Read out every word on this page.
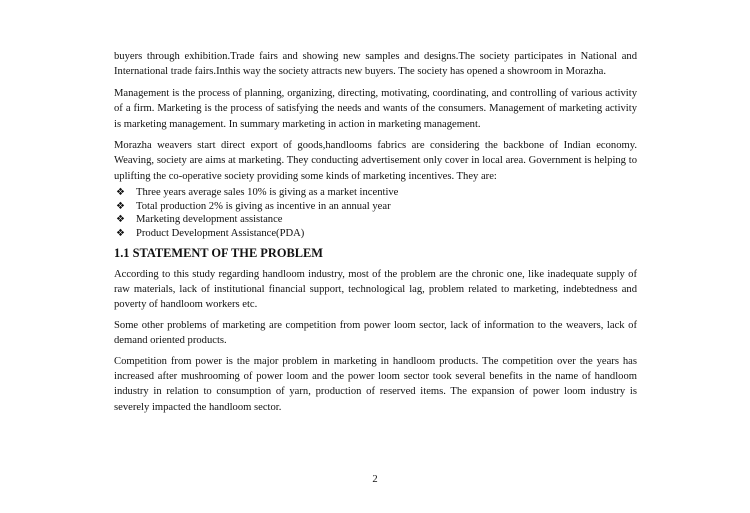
buyers through exhibition.Trade fairs and showing new samples and designs.The society participates in National and International trade fairs.Inthis way the society attracts new buyers. The society has opened a showroom in Morazha.

Management is the process of planning, organizing, directing, motivating, coordinating, and controlling of various activity of a firm. Marketing is the process of satisfying the needs and wants of the consumers. Management of marketing activity is marketing management. In summary marketing in action in marketing management.

Morazha weavers start direct export of goods,handlooms fabrics are considering the backbone of Indian economy. Weaving, society are aims at marketing. They conducting advertisement only cover in local area. Government is helping to uplifting the co-operative society providing some kinds of marketing incentives. They are:

❖	Three years average sales 10% is giving as a market incentive
❖	Total production 2% is giving as incentive in an annual year
❖	Marketing development assistance
❖	Product Development Assistance(PDA)
1.1 STATEMENT OF THE PROBLEM

According to this study regarding handloom industry, most of the problem are the chronic one, like inadequate supply of raw materials, lack of institutional financial support, technological lag, problem related to marketing, indebtedness and poverty of handloom workers etc.

Some other problems of marketing are competition from power loom sector, lack of information to the weavers, lack of demand oriented products.

Competition from power is the major problem in marketing in handloom products. The competition over the years has increased after mushrooming of power loom and the power loom sector took several benefits in the name of handloom industry in relation to consumption of yarn, production of reserved items. The expansion of power loom industry is severely impacted the handloom sector.

2
